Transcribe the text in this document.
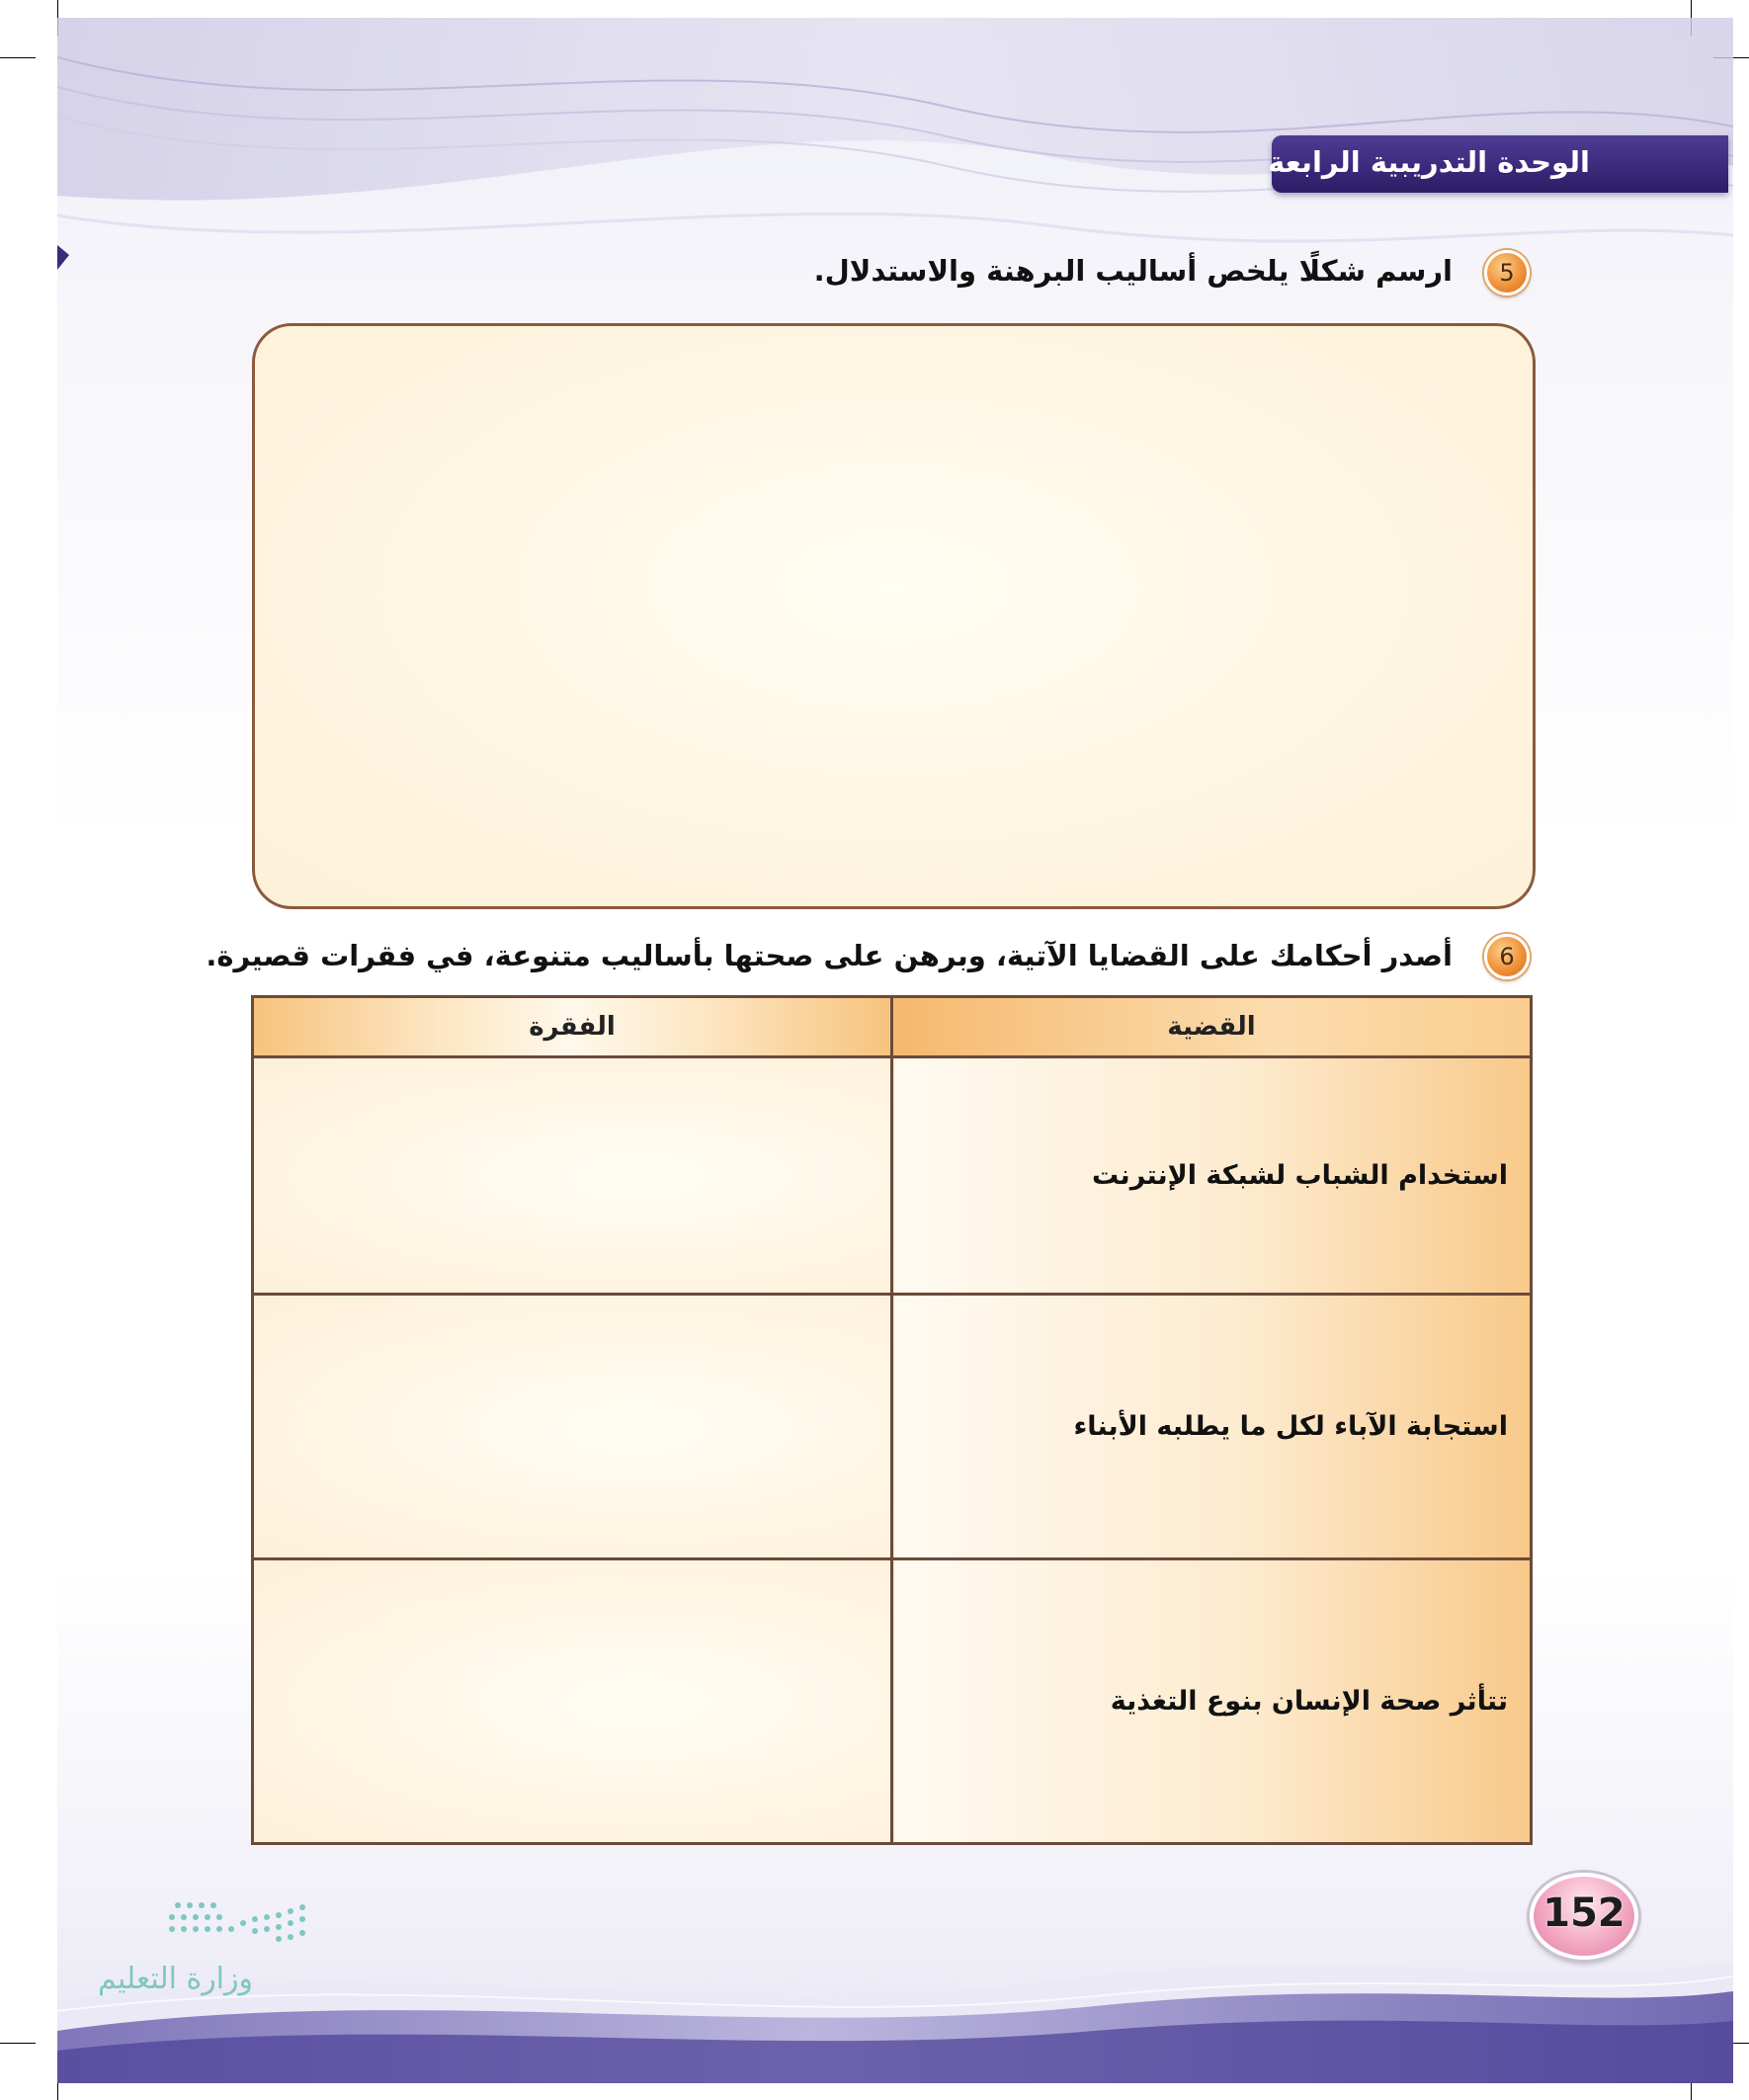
الوحدة التدريبية الرابعة
5
ارسم شكلًا يلخص أساليب البرهنة والاستدلال.
6
أصدر أحكامك على القضايا الآتية، وبرهن على صحتها بأساليب متنوعة، في فقرات قصيرة.
القضية	الفقرة
استخدام الشباب لشبكة الإنترنت	
استجابة الآباء لكل ما يطلبه الأبناء	
تتأثر صحة الإنسان بنوع التغذية	
152
وزارة التعليم
